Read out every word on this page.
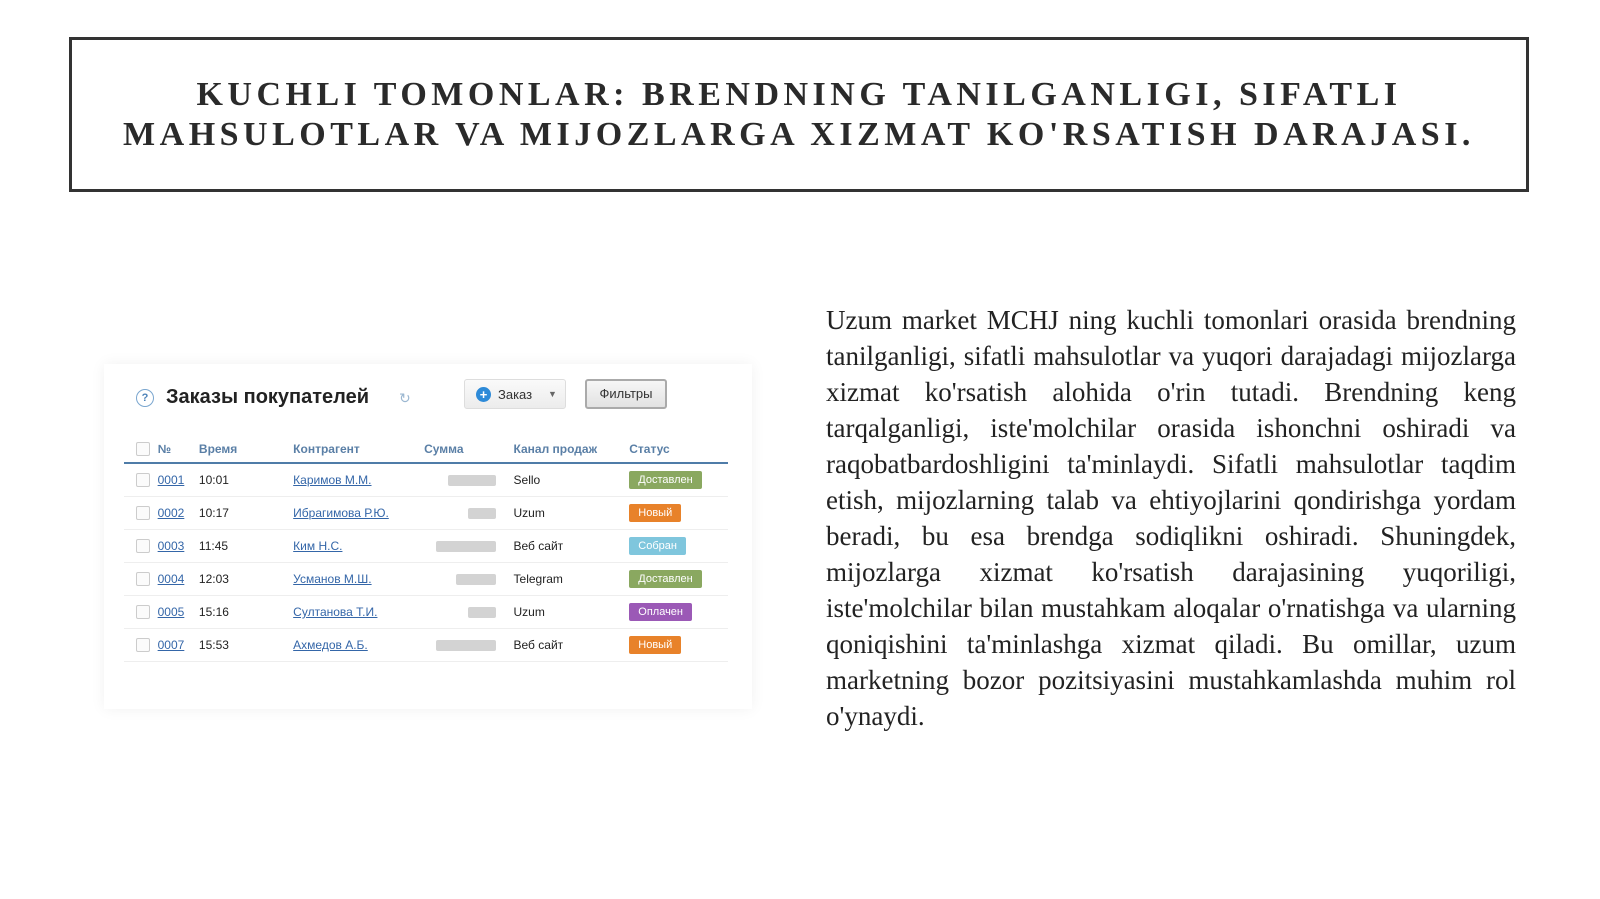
KUCHLI TOMONLAR: BRENDNING TANILGANLIGI, SIFATLI MAHSULOTLAR VA MIJOZLARGA XIZMAT KO'RSATISH DARAJASI.
? Заказы покупателей ↻	+ Заказ ▼	Фильтры
	№	Время	Контрагент	Сумма	Канал продаж	Статус
	0001	10:01	Каримов М.М.		Sello	Доставлен
	0002	10:17	Ибрагимова Р.Ю.		Uzum	Новый
	0003	11:45	Ким Н.С.		Веб сайт	Собран
	0004	12:03	Усманов М.Ш.		Telegram	Доставлен
	0005	15:16	Султанова Т.И.		Uzum	Оплачен
	0007	15:53	Ахмедов А.Б.		Веб сайт	Новый

Uzum market MCHJ ning kuchli tomonlari orasida brendning tanilganligi, sifatli mahsulotlar va yuqori darajadagi mijozlarga xizmat ko'rsatish alohida o'rin tutadi. Brendning keng tarqalganligi, iste'molchilar orasida ishonchni oshiradi va raqobatbardoshligini ta'minlaydi. Sifatli mahsulotlar taqdim etish, mijozlarning talab va ehtiyojlarini qondirishga yordam beradi, bu esa brendga sodiqlikni oshiradi. Shuningdek, mijozlarga xizmat ko'rsatish darajasining yuqoriligi, iste'molchilar bilan mustahkam aloqalar o'rnatishga va ularning qoniqishini ta'minlashga xizmat qiladi. Bu omillar, uzum marketning bozor pozitsiyasini mustahkamlashda muhim rol o'ynaydi.
